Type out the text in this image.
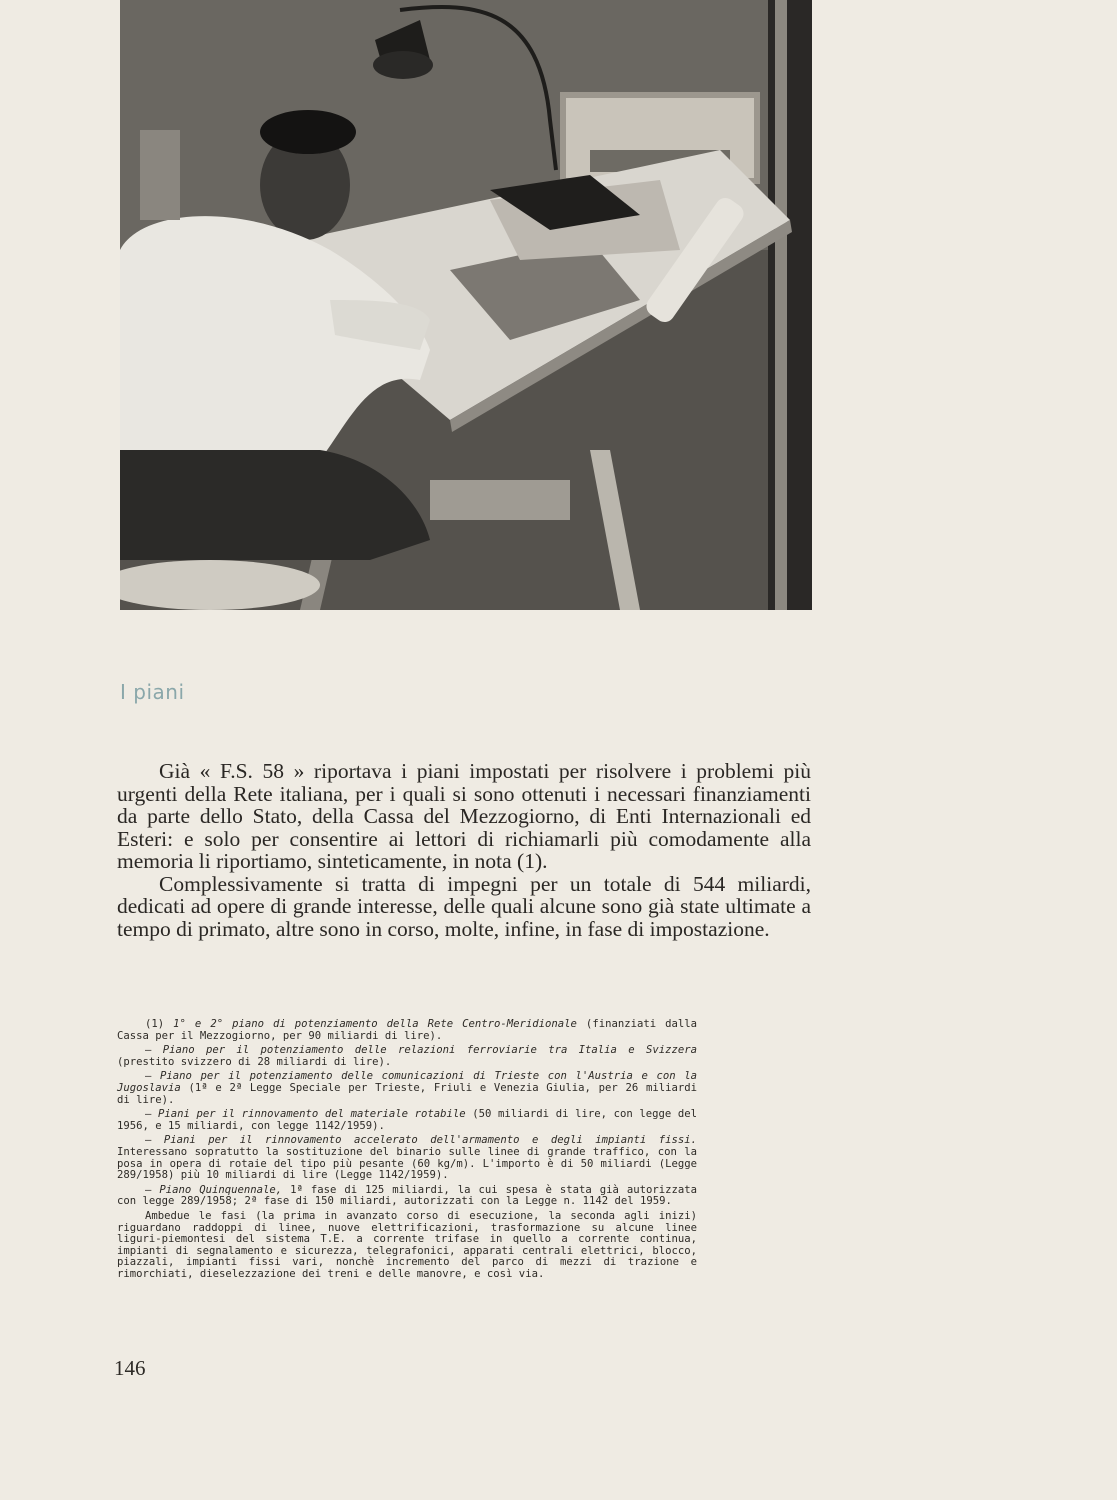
I piani

Già « F.S. 58 » riportava i piani impostati per risolvere i problemi più urgenti della Rete italiana, per i quali si sono ottenuti i necessari finanziamenti da parte dello Stato, della Cassa del Mezzogiorno, di Enti Internazionali ed Esteri: e solo per consentire ai lettori di richiamarli più comodamente alla memoria li riportiamo, sinteticamente, in nota (1).

Complessivamente si tratta di impegni per un totale di 544 miliardi, dedicati ad opere di grande interesse, delle quali alcune sono già state ultimate a tempo di primato, altre sono in corso, molte, infine, in fase di impostazione.

(1) 1° e 2° piano di potenziamento della Rete Centro-Meridionale (finanziati dalla Cassa per il Mezzogiorno, per 90 miliardi di lire).

— Piano per il potenziamento delle relazioni ferroviarie tra Italia e Svizzera (prestito svizzero di 28 miliardi di lire).

— Piano per il potenziamento delle comunicazioni di Trieste con l'Austria e con la Jugoslavia (1ª e 2ª Legge Speciale per Trieste, Friuli e Venezia Giulia, per 26 miliardi di lire).

— Piani per il rinnovamento del materiale rotabile (50 miliardi di lire, con legge del 1956, e 15 miliardi, con legge 1142/1959).

— Piani per il rinnovamento accelerato dell'armamento e degli impianti fissi. Interessano sopratutto la sostituzione del binario sulle linee di grande traffico, con la posa in opera di rotaie del tipo più pesante (60 kg/m). L'importo è di 50 miliardi (Legge 289/1958) più 10 miliardi di lire (Legge 1142/1959).

— Piano Quinquennale, 1ª fase di 125 miliardi, la cui spesa è stata già autorizzata con legge 289/1958; 2ª fase di 150 miliardi, autorizzati con la Legge n. 1142 del 1959.

Ambedue le fasi (la prima in avanzato corso di esecuzione, la seconda agli inizi) riguardano raddoppi di linee, nuove elettrificazioni, trasformazione su alcune linee liguri-piemontesi del sistema T.E. a corrente trifase in quello a corrente continua, impianti di segnalamento e sicurezza, telegrafonici, apparati centrali elettrici, blocco, piazzali, impianti fissi vari, nonchè incremento del parco di mezzi di trazione e rimorchiati, dieselezzazione dei treni e delle manovre, e così via.

146
